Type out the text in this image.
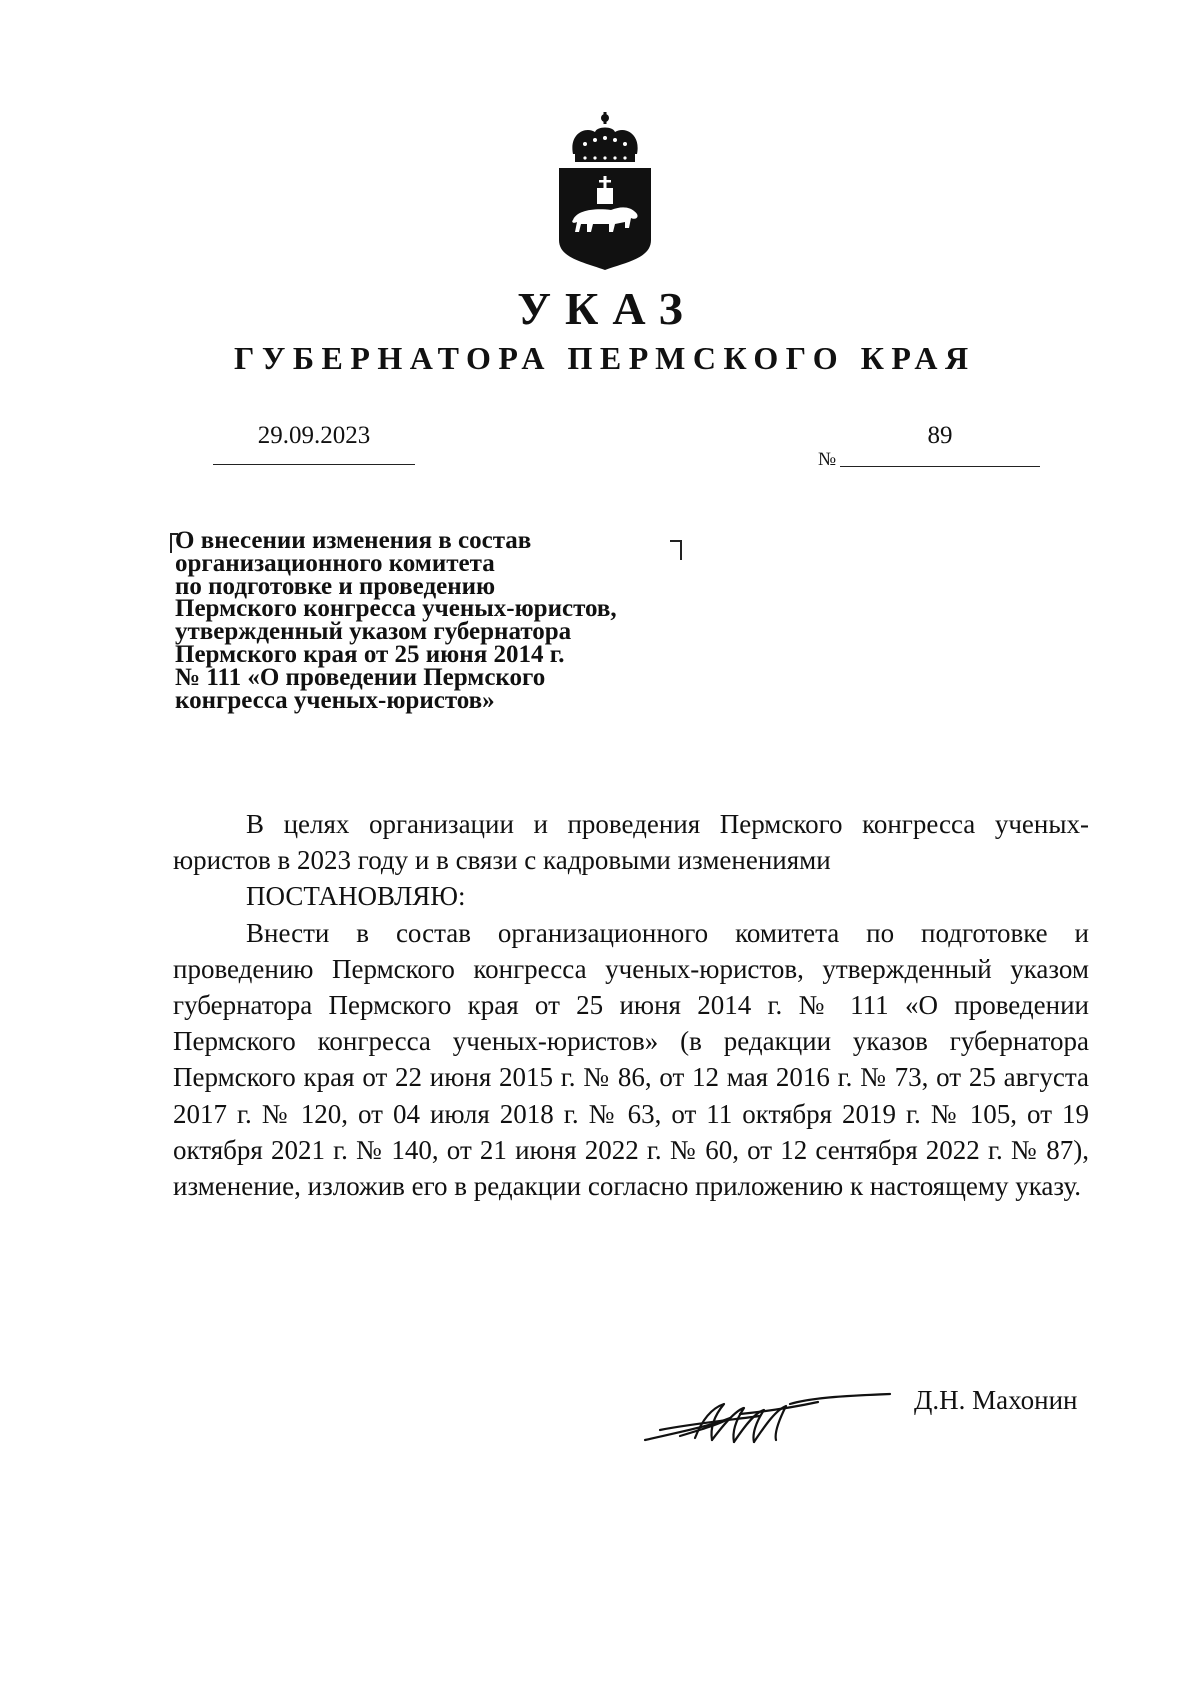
УКАЗ
ГУБЕРНАТОРА ПЕРМСКОГО КРАЯ
29.09.2023
№
89
О внесении изменения в состав
организационного комитета
по подготовке и проведению
Пермского конгресса ученых-юристов,
утвержденный указом губернатора
Пермского края от 25 июня 2014 г.
№ 111 «О проведении Пермского
конгресса ученых-юристов»

В целях организации и проведения Пермского конгресса ученых-юристов в 2023 году и в связи с кадровыми изменениями

ПОСТАНОВЛЯЮ:

Внести в состав организационного комитета по подготовке и проведению Пермского конгресса ученых-юристов, утвержденный указом губернатора Пермского края от 25 июня 2014 г. № 111 «О проведении Пермского конгресса ученых-юристов» (в редакции указов губернатора Пермского края от 22 июня 2015 г. № 86, от 12 мая 2016 г. № 73, от 25 августа 2017 г. № 120, от 04 июля 2018 г. № 63, от 11 октября 2019 г. № 105, от 19 октября 2021 г. № 140, от 21 июня 2022 г. № 60, от 12 сентября 2022 г. № 87), изменение, изложив его в редакции согласно приложению к настоящему указу.

Д.Н. Махонин
